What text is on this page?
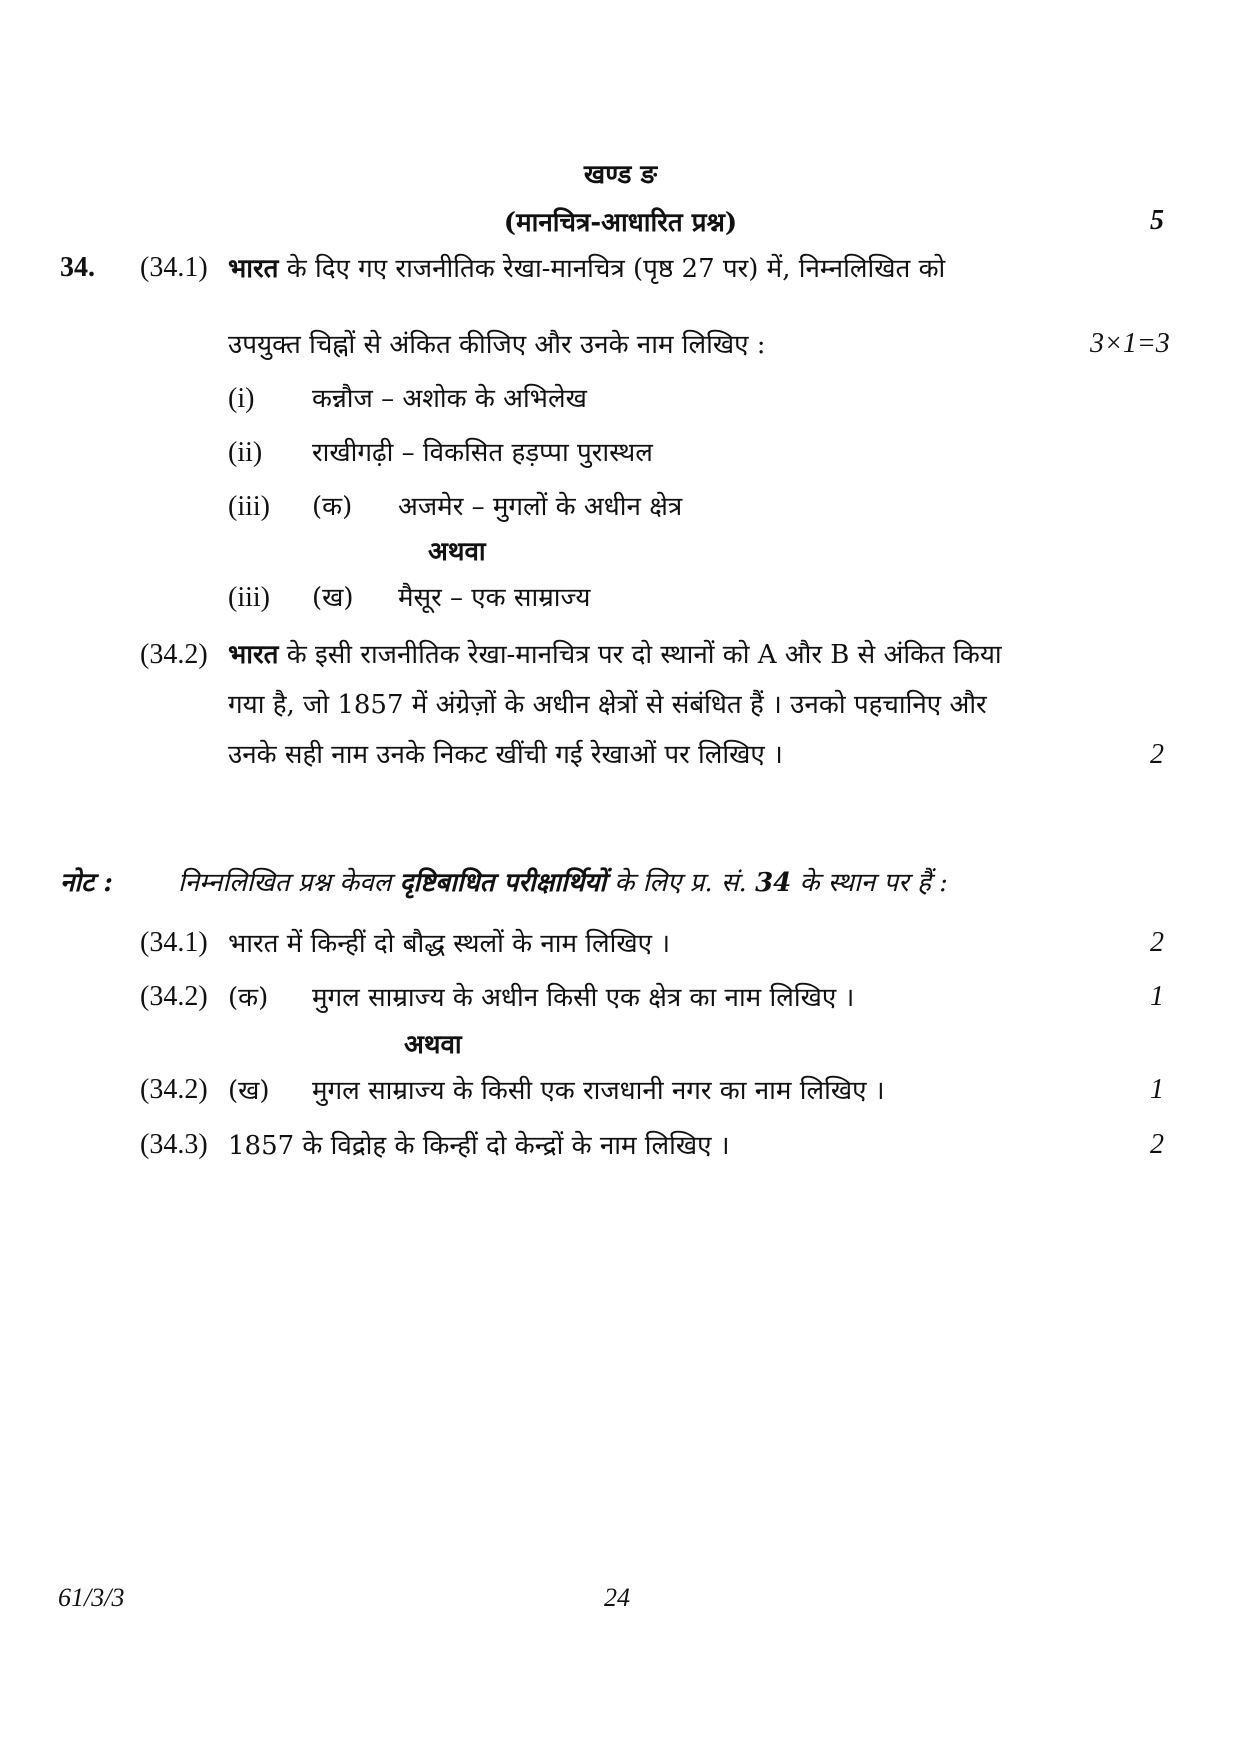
खण्ड ङ
(मानचित्र-आधारित प्रश्न)	5
34. (34.1) भारत के दिए गए राजनीतिक रेखा-मानचित्र (पृष्ठ 27 पर) में, निम्नलिखित को
उपयुक्त चिह्नों से अंकित कीजिए और उनके नाम लिखिए :	3×1=3
(i) कन्नौज – अशोक के अभिलेख
(ii) राखीगढ़ी – विकसित हड़प्पा पुरास्थल
(iii) (क) अजमेर – मुगलों के अधीन क्षेत्र
अथवा
(iii) (ख) मैसूर – एक साम्राज्य
(34.2) भारत के इसी राजनीतिक रेखा-मानचित्र पर दो स्थानों को A और B से अंकित किया
गया है, जो 1857 में अंग्रेज़ों के अधीन क्षेत्रों से संबंधित हैं । उनको पहचानिए और
उनके सही नाम उनके निकट खींची गई रेखाओं पर लिखिए ।	2
नोट :	निम्नलिखित प्रश्न केवल दृष्टिबाधित परीक्षार्थियों के लिए प्र. सं. 34 के स्थान पर हैं :
(34.1) भारत में किन्हीं दो बौद्ध स्थलों के नाम लिखिए ।	2
(34.2) (क) मुगल साम्राज्य के अधीन किसी एक क्षेत्र का नाम लिखिए ।	1
अथवा
(34.2) (ख) मुगल साम्राज्य के किसी एक राजधानी नगर का नाम लिखिए ।	1
(34.3) 1857 के विद्रोह के किन्हीं दो केन्द्रों के नाम लिखिए ।	2
61/3/3	24
